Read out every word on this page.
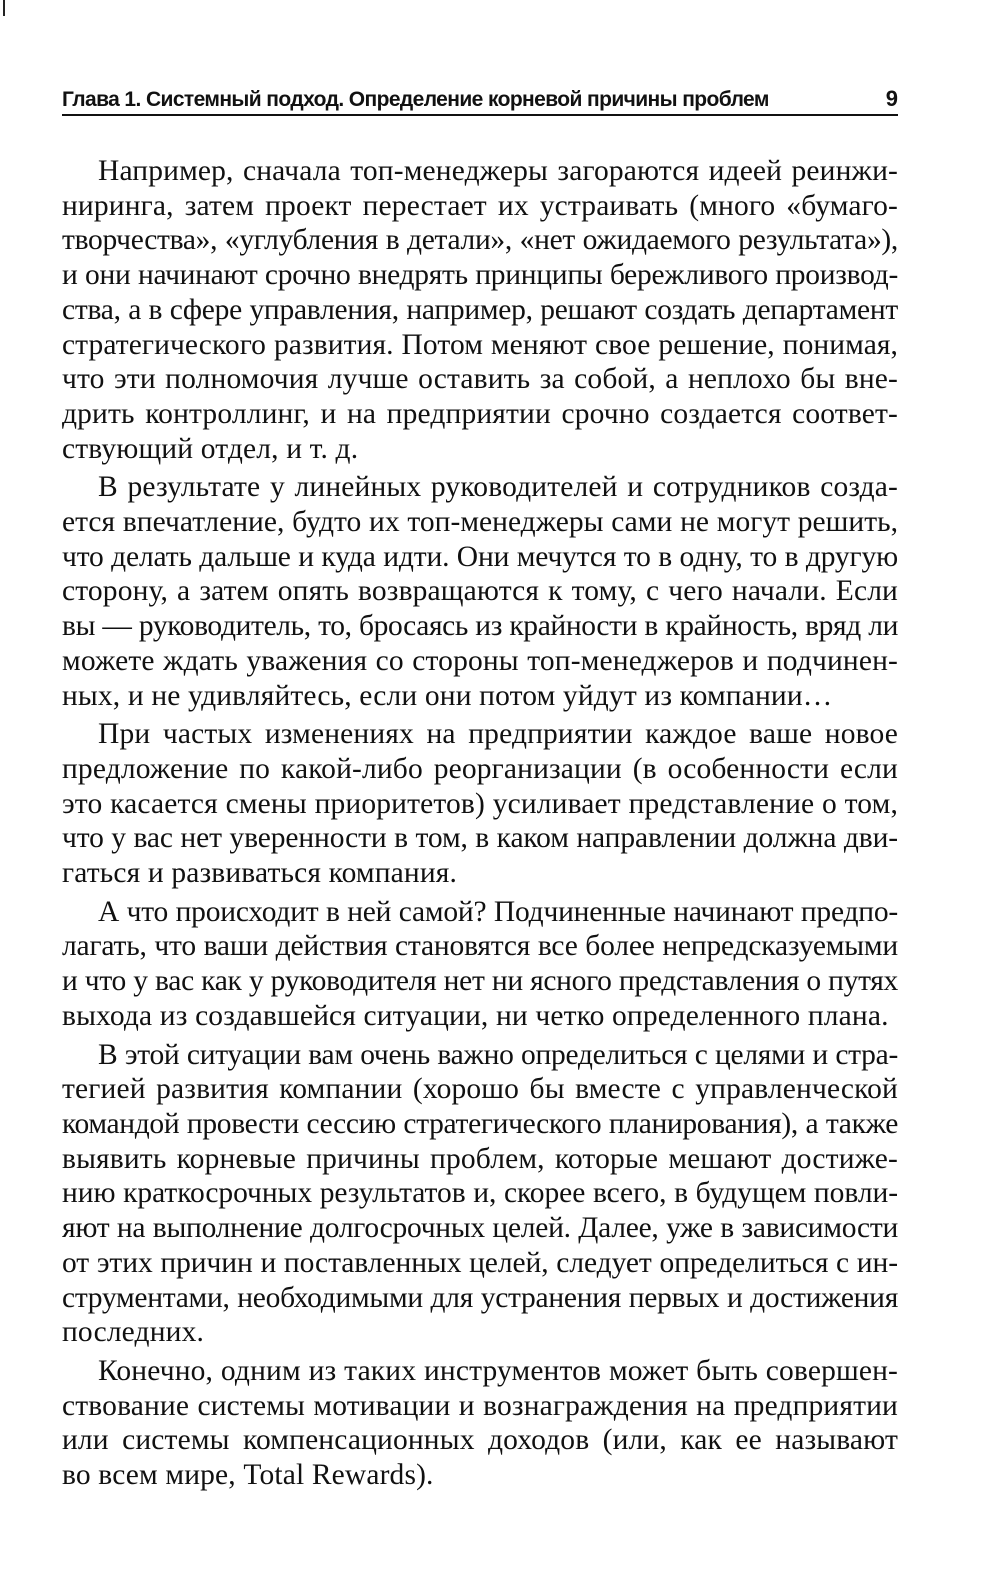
Глава 1. Системный подход. Определение корневой причины проблем	9

Например, сначала топ-менеджеры загораются идеей реинжи-
ниринга, затем проект перестает их устраивать (много «бумаго-
творчества», «углубления в детали», «нет ожидаемого результата»),
и они начинают срочно внедрять принципы бережливого производ-
ства, а в сфере управления, например, решают создать департамент
стратегического развития. Потом меняют свое решение, понимая,
что эти полномочия лучше оставить за собой, а неплохо бы вне-
дрить контроллинг, и на предприятии срочно создается соответ-
ствующий отдел, и т. д.

В результате у линейных руководителей и сотрудников созда-
ется впечатление, будто их топ-менеджеры сами не могут решить,
что делать дальше и куда идти. Они мечутся то в одну, то в другую
сторону, а затем опять возвращаются к тому, с чего начали. Если
вы — руководитель, то, бросаясь из крайности в крайность, вряд ли
можете ждать уважения со стороны топ-менеджеров и подчинен-
ных, и не удивляйтесь, если они потом уйдут из компании…

При частых изменениях на предприятии каждое ваше новое
предложение по какой-либо реорганизации (в особенности если
это касается смены приоритетов) усиливает представление о том,
что у вас нет уверенности в том, в каком направлении должна дви-
гаться и развиваться компания.

А что происходит в ней самой? Подчиненные начинают предпо-
лагать, что ваши действия становятся все более непредсказуемыми
и что у вас как у руководителя нет ни ясного представления о путях
выхода из создавшейся ситуации, ни четко определенного плана.

В этой ситуации вам очень важно определиться с целями и стра-
тегией развития компании (хорошо бы вместе с управленческой
командой провести сессию стратегического планирования), а также
выявить корневые причины проблем, которые мешают достиже-
нию краткосрочных результатов и, скорее всего, в будущем повли-
яют на выполнение долгосрочных целей. Далее, уже в зависимости
от этих причин и поставленных целей, следует определиться с ин-
струментами, необходимыми для устранения первых и достижения
последних.

Конечно, одним из таких инструментов может быть совершен-
ствование системы мотивации и вознаграждения на предприятии
или системы компенсационных доходов (или, как ее называют
во всем мире, Total Rewards).
